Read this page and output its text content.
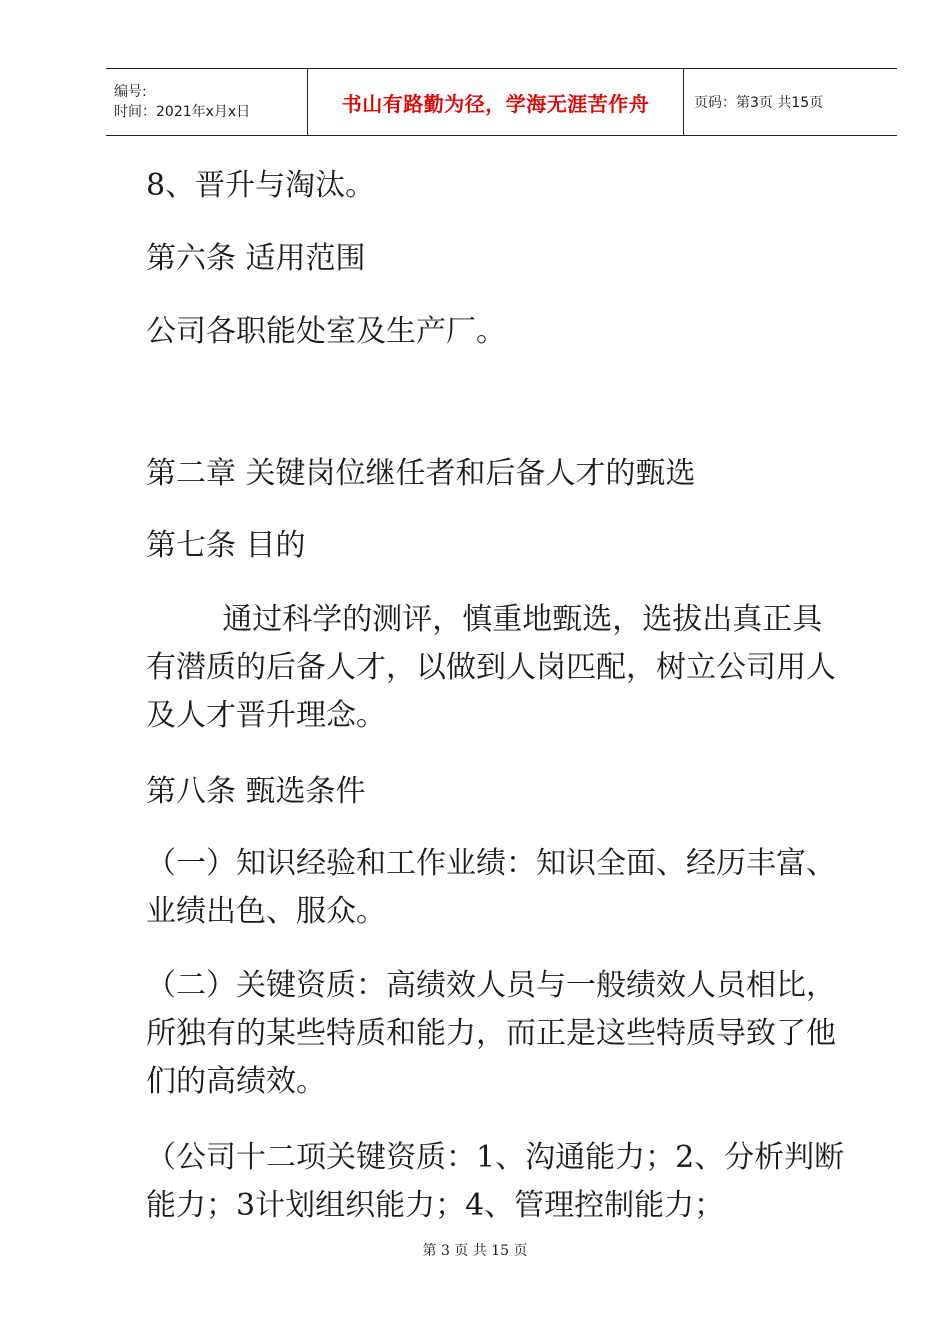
编号:
时间：2021年x月x日	书山有路勤为径，学海无涯苦作舟	页码：第3页 共15页

8、晋升与淘汰。

第六条 适用范围

公司各职能处室及生产厂。

第二章 关键岗位继任者和后备人才的甄选

第七条 目的

通过科学的测评，慎重地甄选，选拔出真正具有潜质的后备人才，以做到人岗匹配，树立公司用人及人才晋升理念。

第八条 甄选条件

（一）知识经验和工作业绩：知识全面、经历丰富、业绩出色、服众。

（二）关键资质：高绩效人员与一般绩效人员相比，所独有的某些特质和能力，而正是这些特质导致了他们的高绩效。

（公司十二项关键资质：1、沟通能力；2、分析判断能力；3计划组织能力；4、管理控制能力；

第 3 页 共 15 页
